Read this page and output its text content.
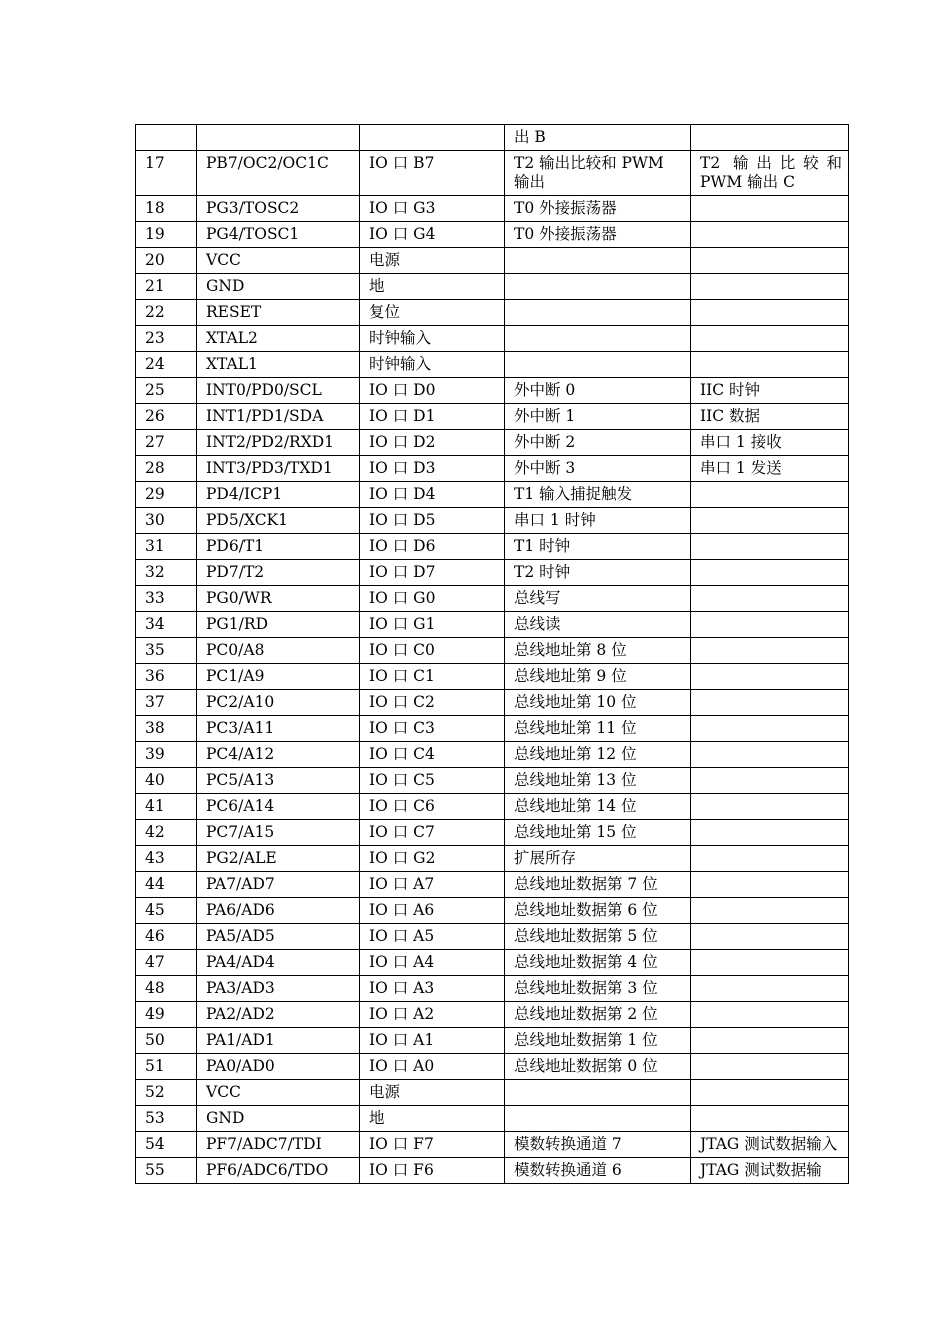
			出 B	
17	PB7/OC2/OC1C	IO 口 B7	T2 输出比较和 PWM 输出	T2 输出比较和 PWM 输出 C
18	PG3/TOSC2	IO 口 G3	T0 外接振荡器	
19	PG4/TOSC1	IO 口 G4	T0 外接振荡器	
20	VCC	电源		
21	GND	地		
22	RESET	复位		
23	XTAL2	时钟输入		
24	XTAL1	时钟输入		
25	INT0/PD0/SCL	IO 口 D0	外中断 0	IIC 时钟
26	INT1/PD1/SDA	IO 口 D1	外中断 1	IIC 数据
27	INT2/PD2/RXD1	IO 口 D2	外中断 2	串口 1 接收
28	INT3/PD3/TXD1	IO 口 D3	外中断 3	串口 1 发送
29	PD4/ICP1	IO 口 D4	T1 输入捕捉触发	
30	PD5/XCK1	IO 口 D5	串口 1 时钟	
31	PD6/T1	IO 口 D6	T1 时钟	
32	PD7/T2	IO 口 D7	T2 时钟	
33	PG0/WR	IO 口 G0	总线写	
34	PG1/RD	IO 口 G1	总线读	
35	PC0/A8	IO 口 C0	总线地址第 8 位	
36	PC1/A9	IO 口 C1	总线地址第 9 位	
37	PC2/A10	IO 口 C2	总线地址第 10 位	
38	PC3/A11	IO 口 C3	总线地址第 11 位	
39	PC4/A12	IO 口 C4	总线地址第 12 位	
40	PC5/A13	IO 口 C5	总线地址第 13 位	
41	PC6/A14	IO 口 C6	总线地址第 14 位	
42	PC7/A15	IO 口 C7	总线地址第 15 位	
43	PG2/ALE	IO 口 G2	扩展所存	
44	PA7/AD7	IO 口 A7	总线地址数据第 7 位	
45	PA6/AD6	IO 口 A6	总线地址数据第 6 位	
46	PA5/AD5	IO 口 A5	总线地址数据第 5 位	
47	PA4/AD4	IO 口 A4	总线地址数据第 4 位	
48	PA3/AD3	IO 口 A3	总线地址数据第 3 位	
49	PA2/AD2	IO 口 A2	总线地址数据第 2 位	
50	PA1/AD1	IO 口 A1	总线地址数据第 1 位	
51	PA0/AD0	IO 口 A0	总线地址数据第 0 位	
52	VCC	电源		
53	GND	地		
54	PF7/ADC7/TDI	IO 口 F7	模数转换通道 7	JTAG 测试数据输入
55	PF6/ADC6/TDO	IO 口 F6	模数转换通道 6	JTAG 测试数据输
